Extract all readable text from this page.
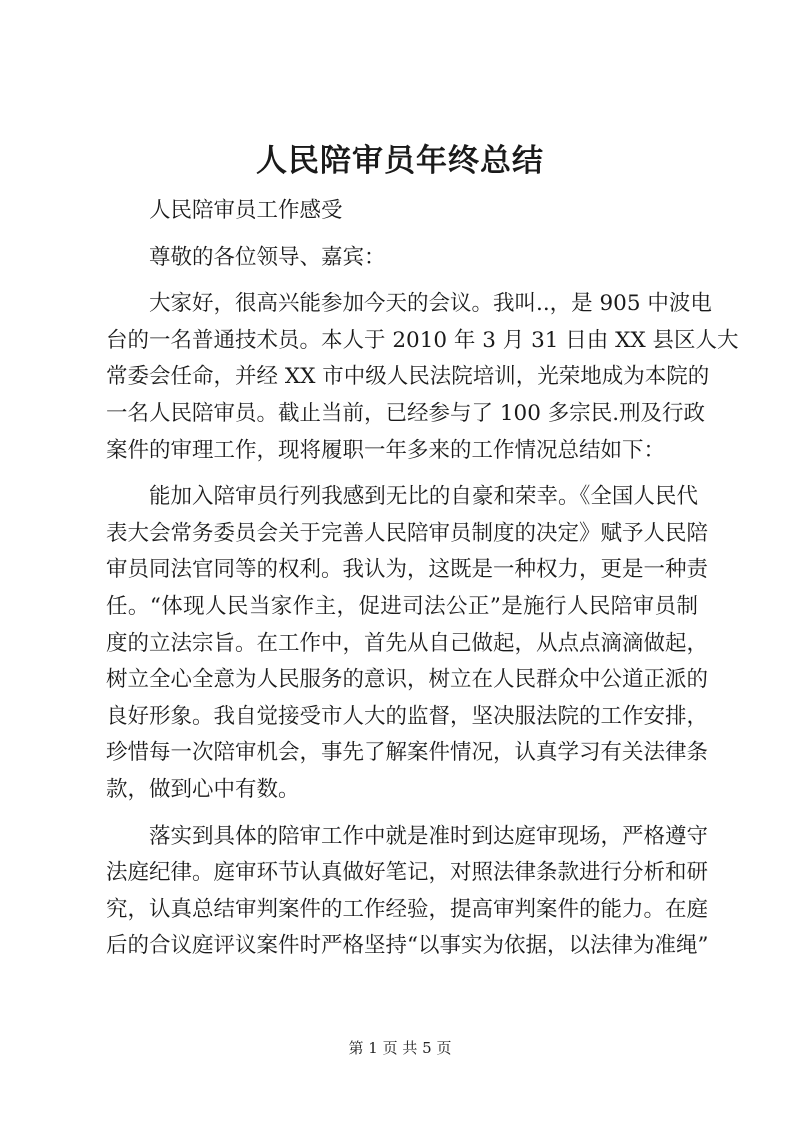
人民陪审员年终总结
人民陪审员工作感受
尊敬的各位领导、嘉宾：
大家好，很高兴能参加今天的会议。我叫..，是 905 中波电
台的一名普通技术员。本人于 2010 年 3 月 31 日由 XX 县区人大
常委会任命，并经 XX 市中级人民法院培训，光荣地成为本院的
一名人民陪审员。截止当前，已经参与了 100 多宗民.刑及行政
案件的审理工作，现将履职一年多来的工作情况总结如下：
能加入陪审员行列我感到无比的自豪和荣幸。《全国人民代
表大会常务委员会关于完善人民陪审员制度的决定》赋予人民陪
审员同法官同等的权利。我认为，这既是一种权力，更是一种责
任。“体现人民当家作主，促进司法公正”是施行人民陪审员制
度的立法宗旨。在工作中，首先从自己做起，从点点滴滴做起，
树立全心全意为人民服务的意识，树立在人民群众中公道正派的
良好形象。我自觉接受市人大的监督，坚决服法院的工作安排，
珍惜每一次陪审机会，事先了解案件情况，认真学习有关法律条
款，做到心中有数。
落实到具体的陪审工作中就是准时到达庭审现场，严格遵守
法庭纪律。庭审环节认真做好笔记，对照法律条款进行分析和研
究，认真总结审判案件的工作经验，提高审判案件的能力。在庭
后的合议庭评议案件时严格坚持“以事实为依据，以法律为准绳”
第 1 页 共 5 页
